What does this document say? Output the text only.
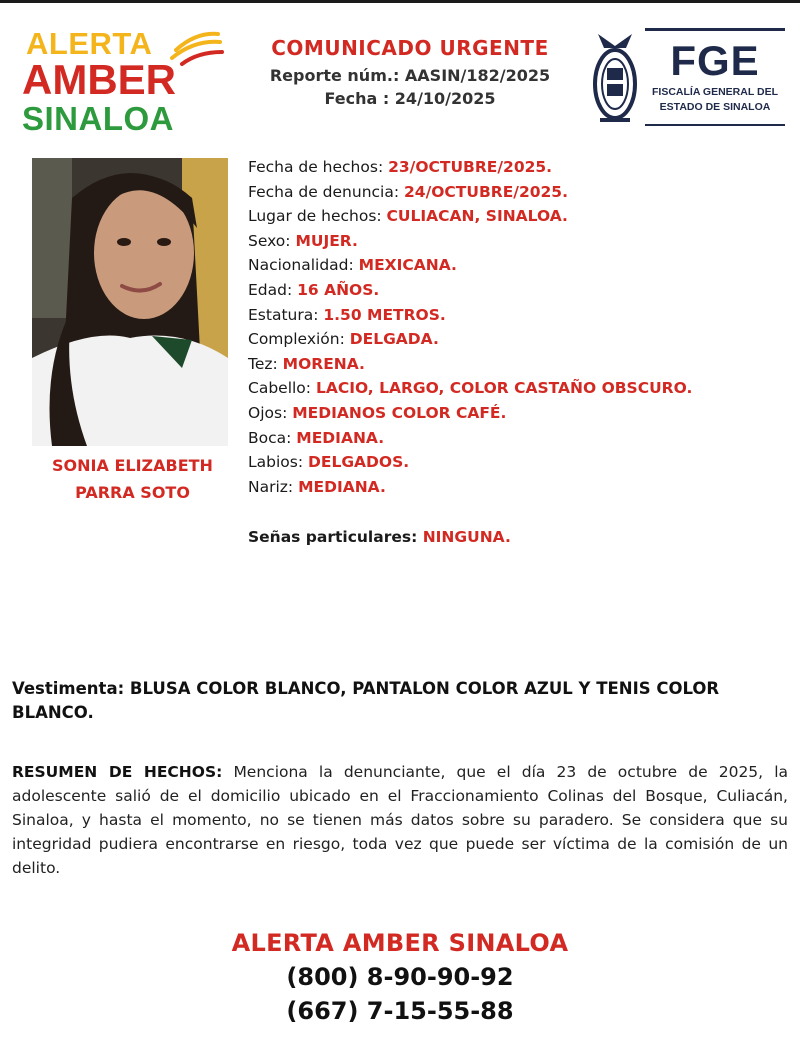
ALERTA
AMBER
SINALOA
COMUNICADO URGENTE
Reporte núm.: AASIN/182/2025
Fecha : 24/10/2025
FGE
FISCALÍA GENERAL DEL
ESTADO DE SINALOA
SONIA ELIZABETH
PARRA SOTO
Fecha de hechos: 23/OCTUBRE/2025.
Fecha de denuncia: 24/OCTUBRE/2025.
Lugar de hechos: CULIACAN, SINALOA.
Sexo: MUJER.
Nacionalidad: MEXICANA.
Edad: 16 AÑOS.
Estatura: 1.50 METROS.
Complexión: DELGADA.
Tez: MORENA.
Cabello: LACIO, LARGO, COLOR CASTAÑO OBSCURO.
Ojos: MEDIANOS COLOR CAFÉ.
Boca: MEDIANA.
Labios: DELGADOS.
Nariz: MEDIANA.
Señas particulares: NINGUNA.
Vestimenta: BLUSA COLOR BLANCO, PANTALON COLOR AZUL Y TENIS COLOR BLANCO.
RESUMEN DE HECHOS: Menciona la denunciante, que el día 23 de octubre de 2025, la adolescente salió de el domicilio ubicado en el Fraccionamiento Colinas del Bosque, Culiacán, Sinaloa, y hasta el momento, no se tienen más datos sobre su paradero. Se considera que su integridad pudiera encontrarse en riesgo, toda vez que puede ser víctima de la comisión de un delito.
ALERTA AMBER SINALOA
(800) 8-90-90-92
(667) 7-15-55-88
